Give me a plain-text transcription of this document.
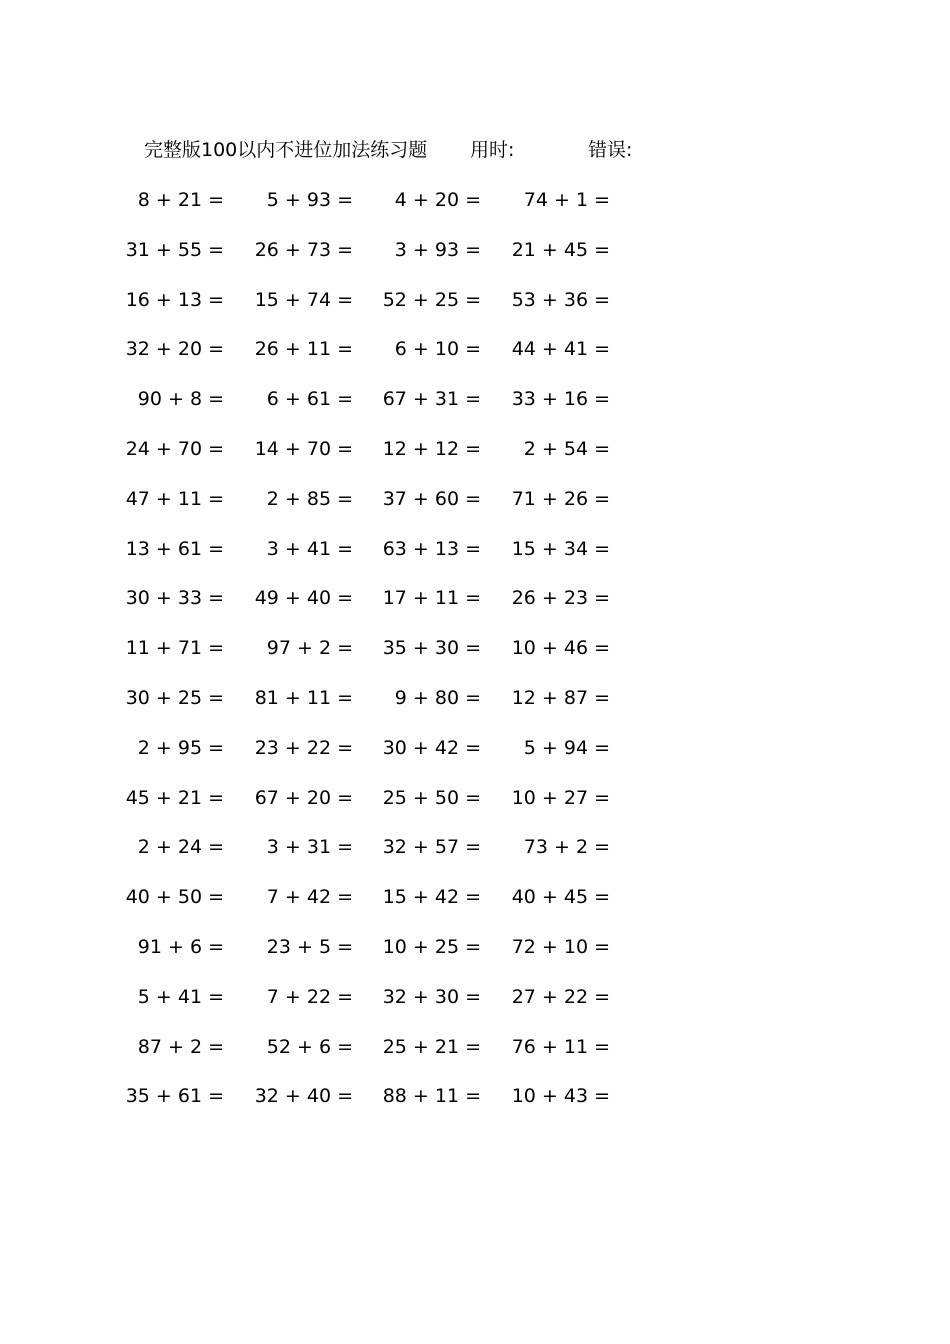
完整版100以内不进位加法练习题 用时:	错误:
8 + 21 = 5 + 93 = 4 + 20 = 74 + 1 =
31 + 55 = 26 + 73 = 3 + 93 = 21 + 45 =
16 + 13 = 15 + 74 = 52 + 25 = 53 + 36 =
32 + 20 = 26 + 11 = 6 + 10 = 44 + 41 =
90 + 8 = 6 + 61 = 67 + 31 = 33 + 16 =
24 + 70 = 14 + 70 = 12 + 12 = 2 + 54 =
47 + 11 = 2 + 85 = 37 + 60 = 71 + 26 =
13 + 61 = 3 + 41 = 63 + 13 = 15 + 34 =
30 + 33 = 49 + 40 = 17 + 11 = 26 + 23 =
11 + 71 = 97 + 2 = 35 + 30 = 10 + 46 =
30 + 25 = 81 + 11 = 9 + 80 = 12 + 87 =
2 + 95 = 23 + 22 = 30 + 42 = 5 + 94 =
45 + 21 = 67 + 20 = 25 + 50 = 10 + 27 =
2 + 24 = 3 + 31 = 32 + 57 = 73 + 2 =
40 + 50 = 7 + 42 = 15 + 42 = 40 + 45 =
91 + 6 = 23 + 5 = 10 + 25 = 72 + 10 =
5 + 41 = 7 + 22 = 32 + 30 = 27 + 22 =
87 + 2 = 52 + 6 = 25 + 21 = 76 + 11 =
35 + 61 = 32 + 40 = 88 + 11 = 10 + 43 =
